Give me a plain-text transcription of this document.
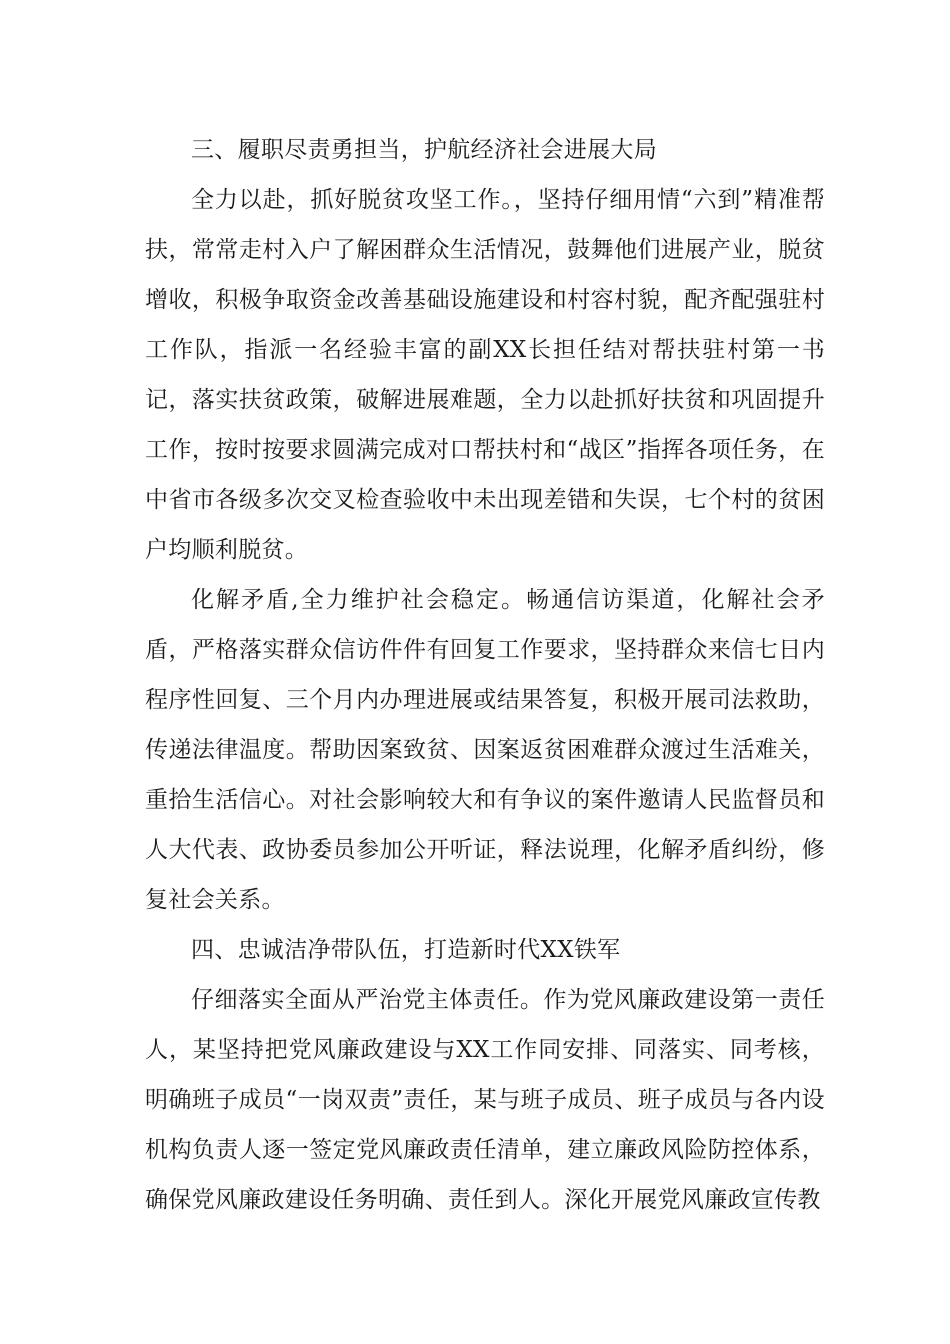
三、履职尽责勇担当，护航经济社会进展大局

全力以赴，抓好脱贫攻坚工作。，坚持仔细用情“六到”精准帮扶，常常走村入户了解困群众生活情况，鼓舞他们进展产业，脱贫增收，积极争取资金改善基础设施建设和村容村貌，配齐配强驻村工作队，指派一名经验丰富的副XX长担任结对帮扶驻村第一书记，落实扶贫政策，破解进展难题，全力以赴抓好扶贫和巩固提升工作，按时按要求圆满完成对口帮扶村和“战区”指挥各项任务，在中省市各级多次交叉检查验收中未出现差错和失误，七个村的贫困户均顺利脱贫。

化解矛盾,全力维护社会稳定。畅通信访渠道，化解社会矛盾，严格落实群众信访件件有回复工作要求，坚持群众来信七日内程序性回复、三个月内办理进展或结果答复，积极开展司法救助，传递法律温度。帮助因案致贫、因案返贫困难群众渡过生活难关，重拾生活信心。对社会影响较大和有争议的案件邀请人民监督员和人大代表、政协委员参加公开听证，释法说理，化解矛盾纠纷，修复社会关系。

四、忠诚洁净带队伍，打造新时代XX铁军

仔细落实全面从严治党主体责任。作为党风廉政建设第一责任人，某坚持把党风廉政建设与XX工作同安排、同落实、同考核，明确班子成员“一岗双责”责任，某与班子成员、班子成员与各内设机构负责人逐一签定党风廉政责任清单，建立廉政风险防控体系，确保党风廉政建设任务明确、责任到人。深化开展党风廉政宣传教
